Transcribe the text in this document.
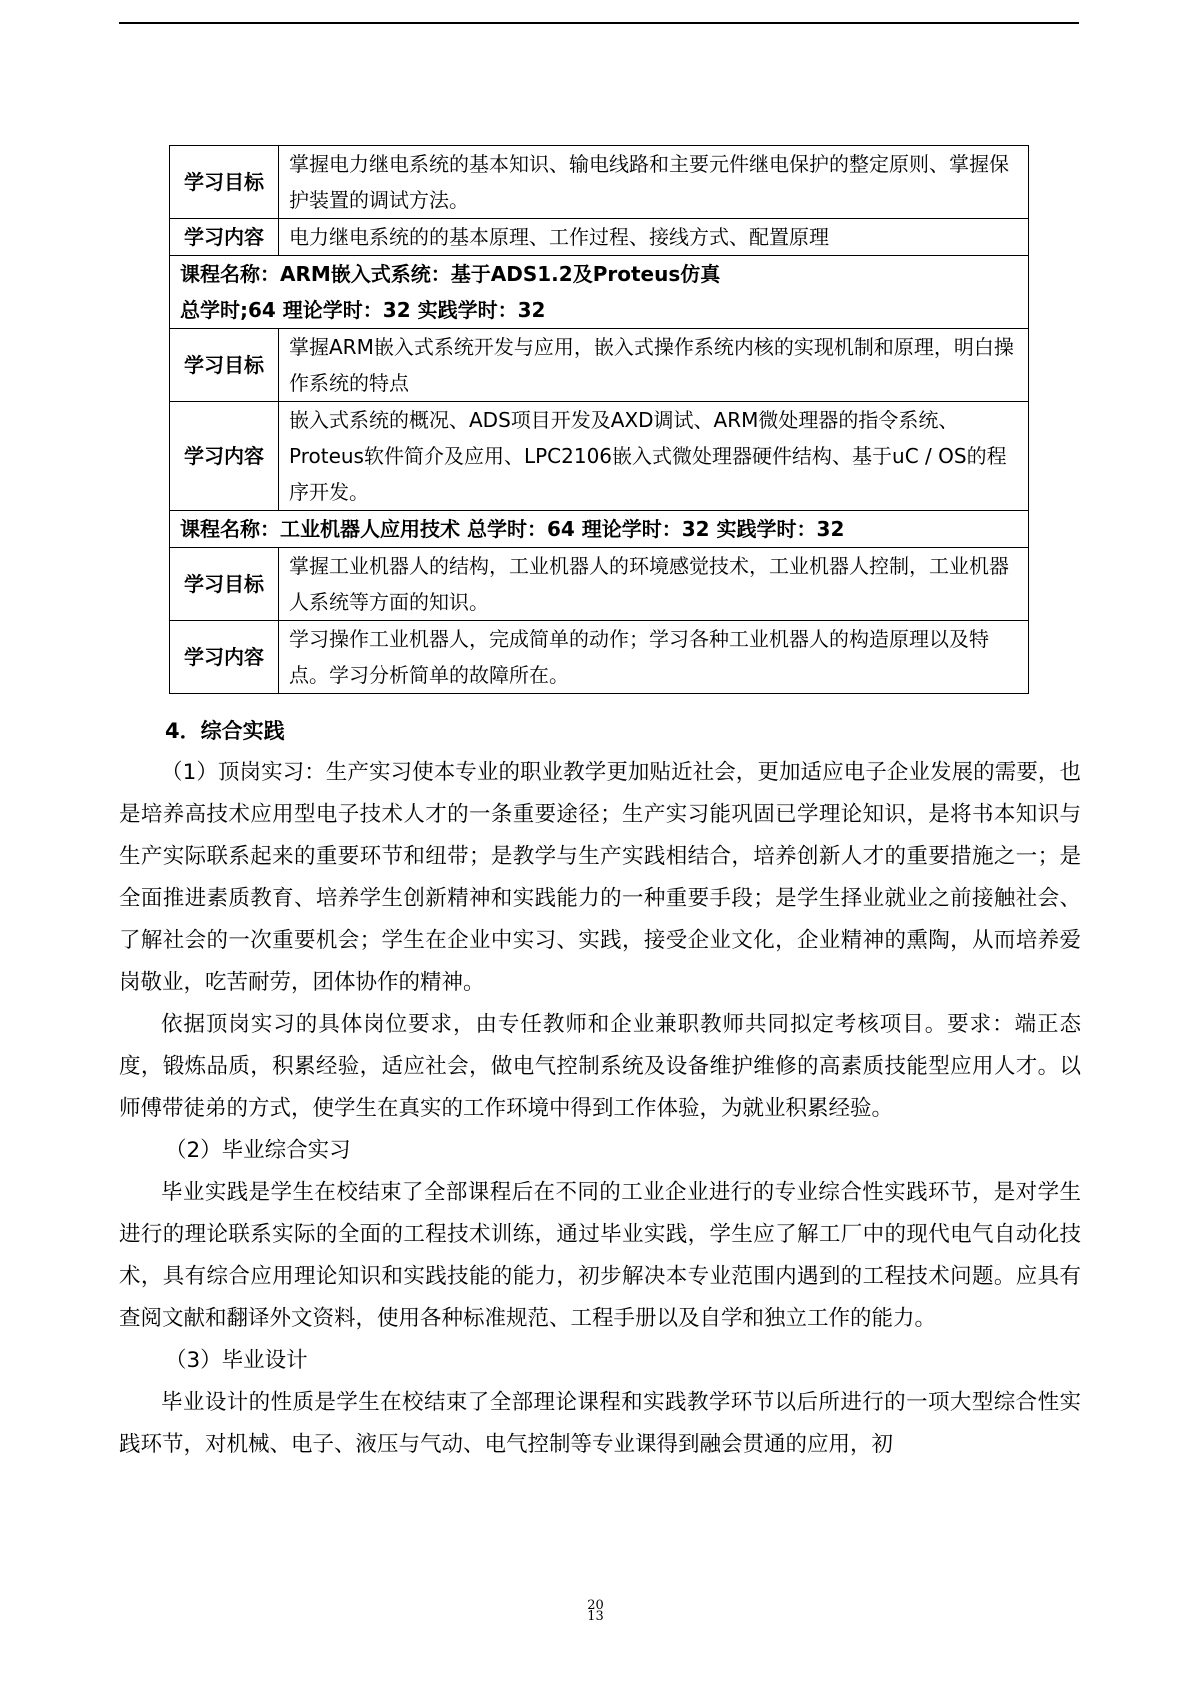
学习目标	掌握电力继电系统的基本知识、输电线路和主要元件继电保护的整定原则、掌握保护装置的调试方法。
学习内容	电力继电系统的的基本原理、工作过程、接线方式、配置原理

课程名称：ARM嵌入式系统：基于ADS1.2及Proteus仿真
总学时;64 理论学时：32 实践学时：32	

学习目标	掌握ARM嵌入式系统开发与应用，嵌入式操作系统内核的实现机制和原理，明白操作系统的特点
学习内容	嵌入式系统的概况、ADS项目开发及AXD调试、ARM微处理器的指令系统、Proteus软件简介及应用、LPC2106嵌入式微处理器硬件结构、基于uC / OS的程序开发。
课程名称：工业机器人应用技术 总学时：64 理论学时：32 实践学时：32	
学习目标	掌握工业机器人的结构，工业机器人的环境感觉技术，工业机器人控制，工业机器人系统等方面的知识。
学习内容	学习操作工业机器人，完成简单的动作；学习各种工业机器人的构造原理以及特点。学习分析简单的故障所在。
4．综合实践

（1）顶岗实习：生产实习使本专业的职业教学更加贴近社会，更加适应电子企业发展的需要，也是培养高技术应用型电子技术人才的一条重要途径；生产实习能巩固已学理论知识，是将书本知识与生产实际联系起来的重要环节和纽带；是教学与生产实践相结合，培养创新人才的重要措施之一；是全面推进素质教育、培养学生创新精神和实践能力的一种重要手段；是学生择业就业之前接触社会、了解社会的一次重要机会；学生在企业中实习、实践，接受企业文化，企业精神的熏陶，从而培养爱岗敬业，吃苦耐劳，团体协作的精神。

依据顶岗实习的具体岗位要求，由专任教师和企业兼职教师共同拟定考核项目。要求：端正态度，锻炼品质，积累经验，适应社会，做电气控制系统及设备维护维修的高素质技能型应用人才。以师傅带徒弟的方式，使学生在真实的工作环境中得到工作体验，为就业积累经验。

（2）毕业综合实习

毕业实践是学生在校结束了全部课程后在不同的工业企业进行的专业综合性实践环节，是对学生进行的理论联系实际的全面的工程技术训练，通过毕业实践，学生应了解工厂中的现代电气自动化技术，具有综合应用理论知识和实践技能的能力，初步解决本专业范围内遇到的工程技术问题。应具有查阅文献和翻译外文资料，使用各种标准规范、工程手册以及自学和独立工作的能力。

（3）毕业设计

毕业设计的性质是学生在校结束了全部理论课程和实践教学环节以后所进行的一项大型综合性实践环节，对机械、电子、液压与气动、电气控制等专业课得到融会贯通的应用，初

20
13
